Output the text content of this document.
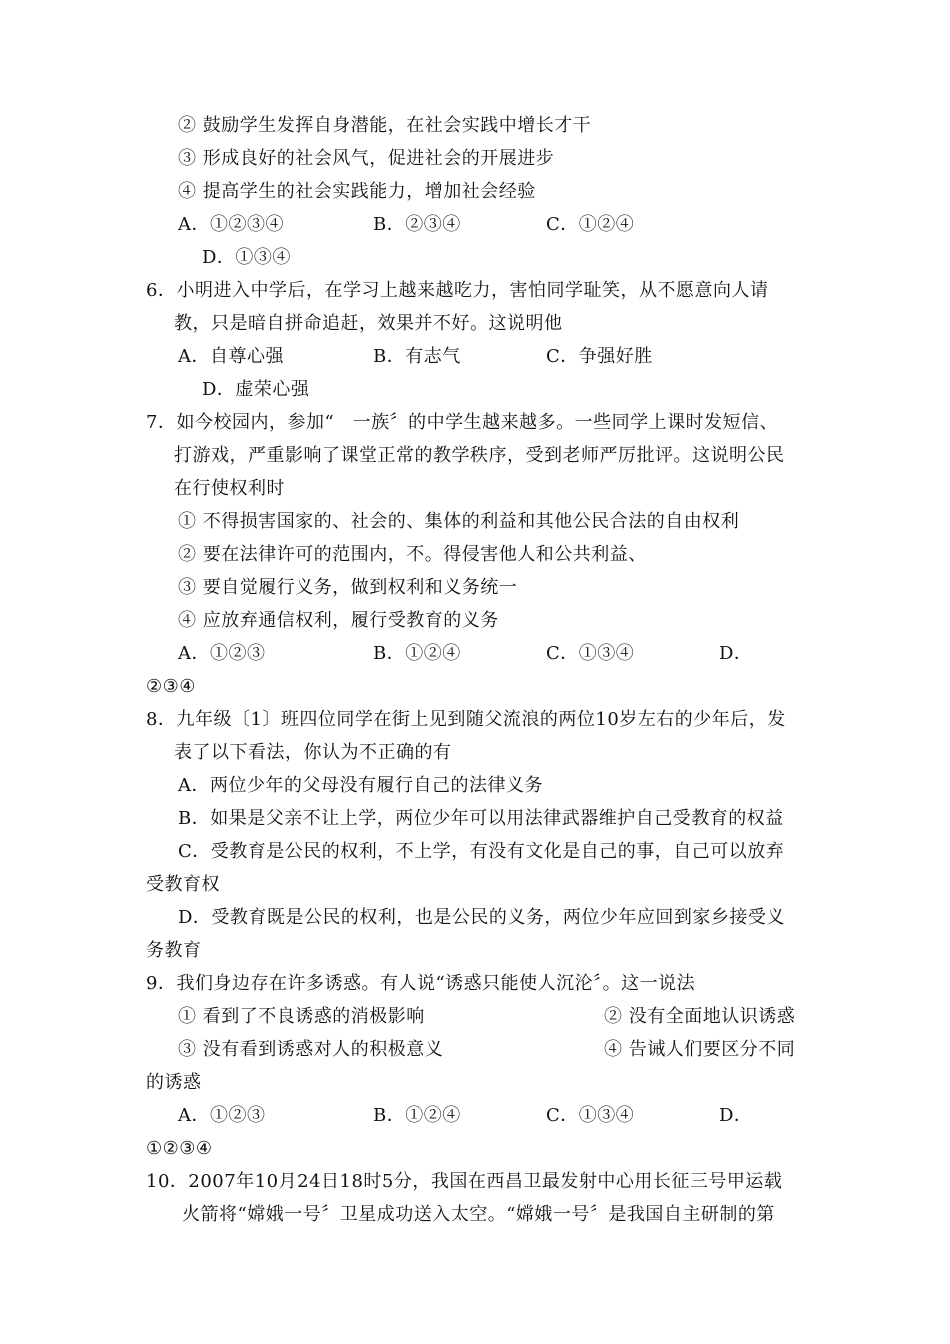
② 鼓励学生发挥自身潜能，在社会实践中增长才干
③ 形成良好的社会风气，促进社会的开展进步
④ 提高学生的社会实践能力，增加社会经验
A．①②③④	B．②③④	C．①②④
D．①③④
6．小明进入中学后，在学习上越来越吃力，害怕同学耻笑，从不愿意向人请
教，只是暗自拼命追赶，效果并不好。这说明他
A．自尊心强	B．有志气	C．争强好胜
D．虚荣心强
7．如今校园内，参加“　一族〞的中学生越来越多。一些同学上课时发短信、
打游戏，严重影响了课堂正常的教学秩序，受到老师严厉批评。这说明公民
在行使权利时
① 不得损害国家的、社会的、集体的利益和其他公民合法的自由权利
② 要在法律许可的范围内，不。得侵害他人和公共利益、
③ 要自觉履行义务，做到权利和义务统一
④ 应放弃通信权利，履行受教育的义务
A．①②③	B．①②④	C．①③④	D．
②③④
8．九年级〔1〕班四位同学在街上见到随父流浪的两位10岁左右的少年后，发
表了以下看法，你认为不正确的有
A．两位少年的父母没有履行自己的法律义务
B．如果是父亲不让上学，两位少年可以用法律武器维护自己受教育的权益
C．受教育是公民的权利，不上学，有没有文化是自己的事，自己可以放弃
受教育权
D．受教育既是公民的权利，也是公民的义务，两位少年应回到家乡接受义
务教育
9．我们身边存在许多诱惑。有人说“诱惑只能使人沉沦〞。这一说法
① 看到了不良诱惑的消极影响	② 没有全面地认识诱惑
③ 没有看到诱惑对人的积极意义	④ 告诫人们要区分不同
的诱惑
A．①②③	B．①②④	C．①③④	D．
①②③④
10．2007年10月24日18时5分，我国在西昌卫最发射中心用长征三号甲运载
火箭将“嫦娥一号〞卫星成功送入太空。“嫦娥一号〞是我国自主研制的第
